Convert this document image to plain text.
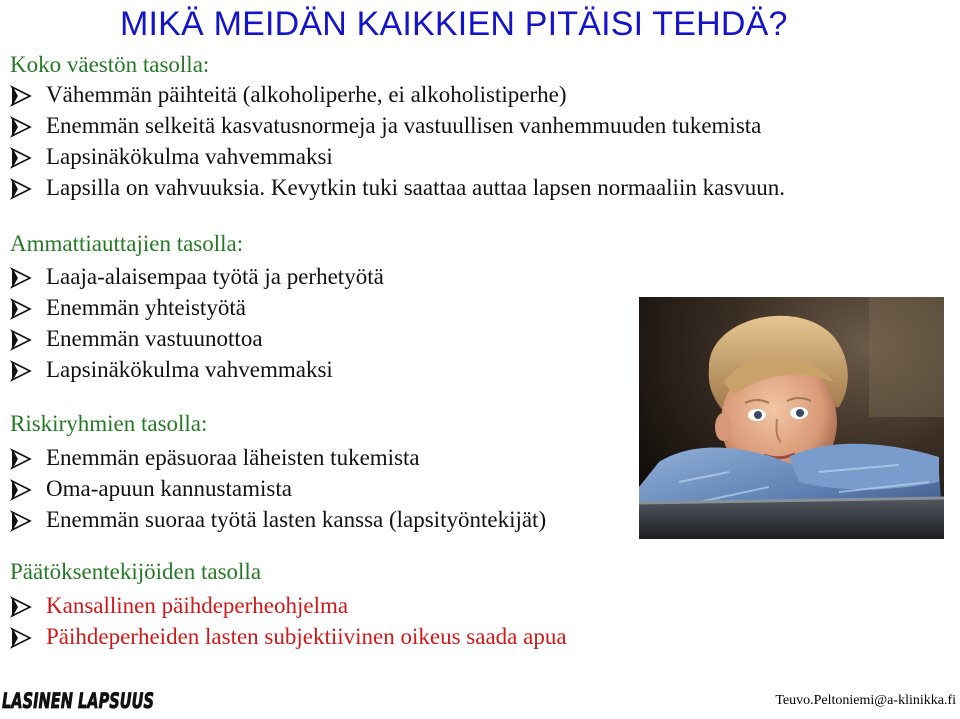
MIKÄ MEIDÄN KAIKKIEN PITÄISI TEHDÄ?
Koko väestön tasolla:
Vähemmän päihteitä (alkoholiperhe, ei alkoholistiperhe)
Enemmän selkeitä kasvatusnormeja ja vastuullisen vanhemmuuden tukemista
Lapsinäkökulma vahvemmaksi
Lapsilla on vahvuuksia. Kevytkin tuki saattaa auttaa lapsen normaaliin kasvuun.
Ammattiauttajien tasolla:
Laaja-alaisempaa työtä ja perhetyötä
Enemmän yhteistyötä
Enemmän vastuunottoa
Lapsinäkökulma vahvemmaksi
Riskiryhmien tasolla:
Enemmän epäsuoraa läheisten tukemista
Oma-apuun kannustamista
Enemmän suoraa työtä lasten kanssa (lapsityöntekijät)
Päätöksentekijöiden tasolla
Kansallinen päihdeperheohjelma
Päihdeperheiden lasten subjektiivinen oikeus saada apua
LASINEN LAPSUUS	Teuvo.Peltoniemi@a-klinikka.fi
